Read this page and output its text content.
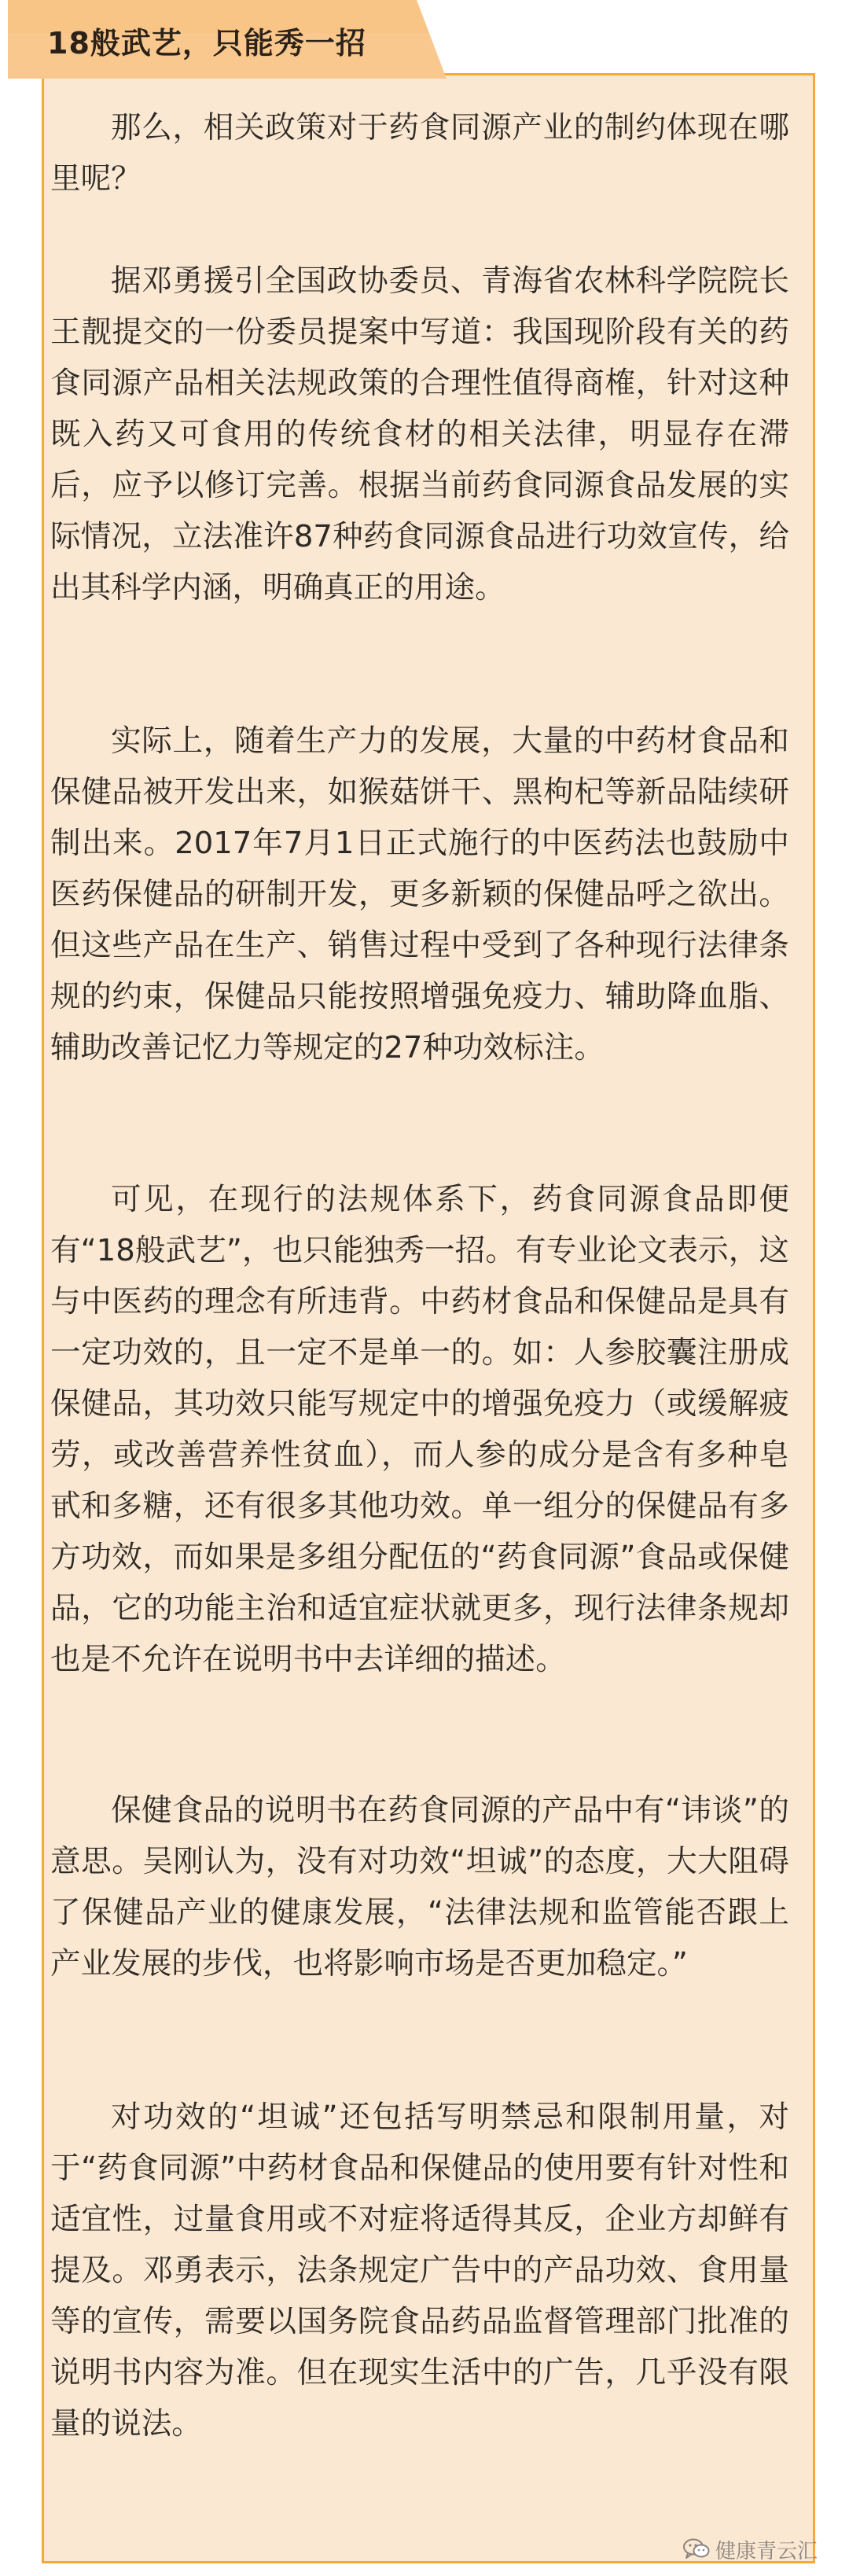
18般武艺，只能秀一招

那么，相关政策对于药食同源产业的制约体现在哪里呢？

据邓勇援引全国政协委员、青海省农林科学院院长王靓提交的一份委员提案中写道：我国现阶段有关的药食同源产品相关法规政策的合理性值得商榷，针对这种既入药又可食用的传统食材的相关法律，明显存在滞后，应予以修订完善。根据当前药食同源食品发展的实际情况，立法准许87种药食同源食品进行功效宣传，给出其科学内涵，明确真正的用途。

实际上，随着生产力的发展，大量的中药材食品和保健品被开发出来，如猴菇饼干、黑枸杞等新品陆续研制出来。2017年7月1日正式施行的中医药法也鼓励中医药保健品的研制开发，更多新颖的保健品呼之欲出。但这些产品在生产、销售过程中受到了各种现行法律条规的约束，保健品只能按照增强免疫力、辅助降血脂、辅助改善记忆力等规定的27种功效标注。

可见，在现行的法规体系下，药食同源食品即便有“18般武艺”，也只能独秀一招。有专业论文表示，这与中医药的理念有所违背。中药材食品和保健品是具有一定功效的，且一定不是单一的。如：人参胶囊注册成保健品，其功效只能写规定中的增强免疫力（或缓解疲劳，或改善营养性贫血），而人参的成分是含有多种皂甙和多糖，还有很多其他功效。单一组分的保健品有多方功效，而如果是多组分配伍的“药食同源”食品或保健品，它的功能主治和适宜症状就更多，现行法律条规却也是不允许在说明书中去详细的描述。

保健食品的说明书在药食同源的产品中有“讳谈”的意思。吴刚认为，没有对功效“坦诚”的态度，大大阻碍了保健品产业的健康发展，“法律法规和监管能否跟上产业发展的步伐，也将影响市场是否更加稳定。”

对功效的“坦诚”还包括写明禁忌和限制用量，对于“药食同源”中药材食品和保健品的使用要有针对性和适宜性，过量食用或不对症将适得其反，企业方却鲜有提及。邓勇表示，法条规定广告中的产品功效、食用量等的宣传，需要以国务院食品药品监督管理部门批准的说明书内容为准。但在现实生活中的广告，几乎没有限量的说法。

健康青云汇
